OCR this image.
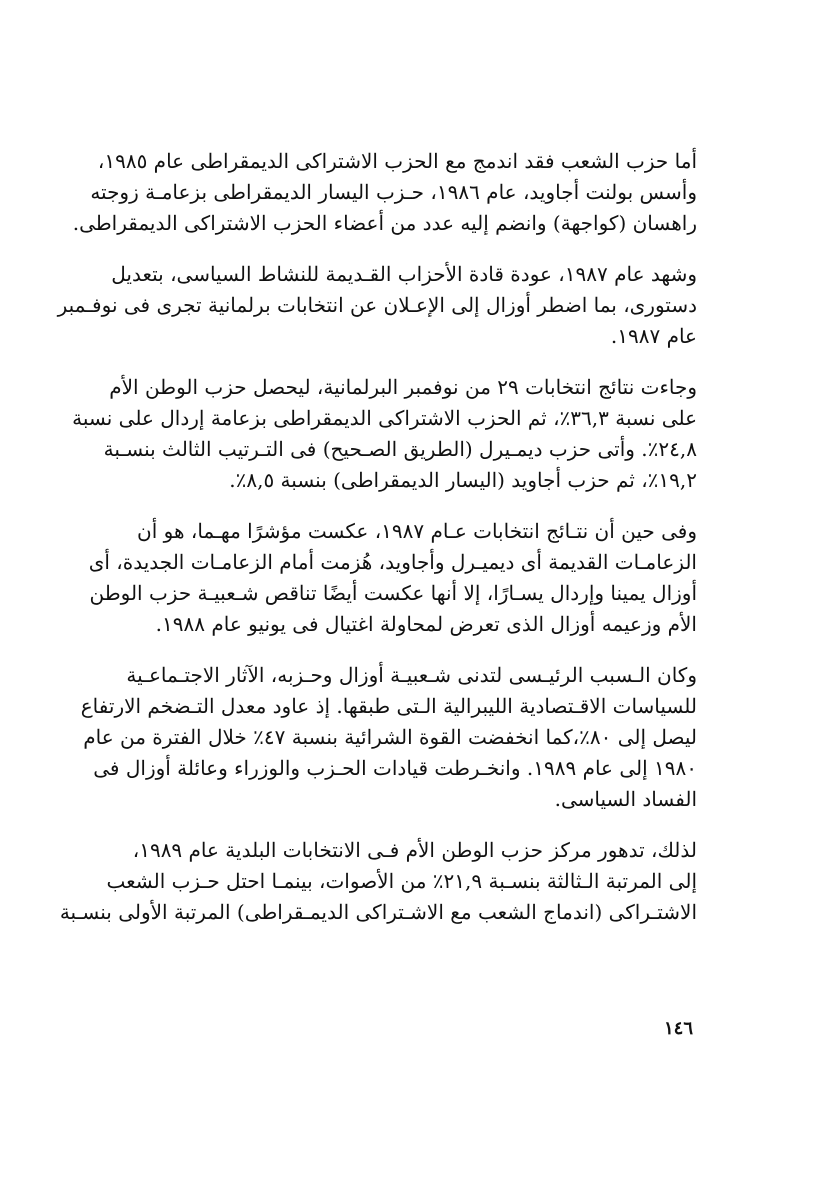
أما حزب الشعب فقد اندمج مع الحزب الاشتراكى الديمقراطى عام ١٩٨٥،
وأسس بولنت أجاويد، عام ١٩٨٦، حـزب اليسار الديمقراطى بزعامـة زوجته
راهسان (كواجهة) وانضم إليه عدد من أعضاء الحزب الاشتراكى الديمقراطى.

وشهد عام ١٩٨٧، عودة قادة الأحزاب القـديمة للنشاط السياسى، بتعديل
دستورى، بما اضطر أوزال إلى الإعـلان عن انتخابات برلمانية تجرى فى نوفـمبر
عام ١٩٨٧.

وجاءت نتائج انتخابات ٢٩ من نوفمبر البرلمانية، ليحصل حزب الوطن الأم
على نسبة ٣٦,٣٪، ثم الحزب الاشتراكى الديمقراطى بزعامة إردال على نسبة
٢٤,٨٪. وأتى حزب ديمـيرل (الطريق الصـحيح) فى التـرتيب الثالث بنسـبة
١٩,٢٪، ثم حزب أجاويد (اليسار الديمقراطى) بنسبة ٨,٥٪.

وفى حين أن نتـائج انتخابات عـام ١٩٨٧، عكست مؤشرًا مهـما، هو أن
الزعامـات القديمة أى ديميـرل وأجاويد، هُزمت أمام الزعامـات الجديدة، أى
أوزال يمينا وإردال يسـارًا، إلا أنها عكست أيضًا تناقص شـعبيـة حزب الوطن
الأم وزعيمه أوزال الذى تعرض لمحاولة اغتيال فى يونيو عام ١٩٨٨.

وكان الـسبب الرئيـسى لتدنى شـعبيـة أوزال وحـزبه، الآثار الاجتـماعـية
للسياسات الاقـتصادية الليبرالية الـتى طبقها. إذ عاود معدل التـضخم الارتفاع
ليصل إلى ٨٠٪،كما انخفضت القوة الشرائية بنسبة ٤٧٪ خلال الفترة من عام
١٩٨٠ إلى عام ١٩٨٩. وانخـرطت قيادات الحـزب والوزراء وعائلة أوزال فى
الفساد السياسى.

لذلك، تدهور مركز حزب الوطن الأم فـى الانتخابات البلدية عام ١٩٨٩،
إلى المرتبة الـثالثة بنسـبة ٢١,٩٪ من الأصوات، بينمـا احتل حـزب الشعب
الاشتـراكى (اندماج الشعب مع الاشـتراكى الديمـقراطى) المرتبة الأولى بنسـبة

١٤٦
